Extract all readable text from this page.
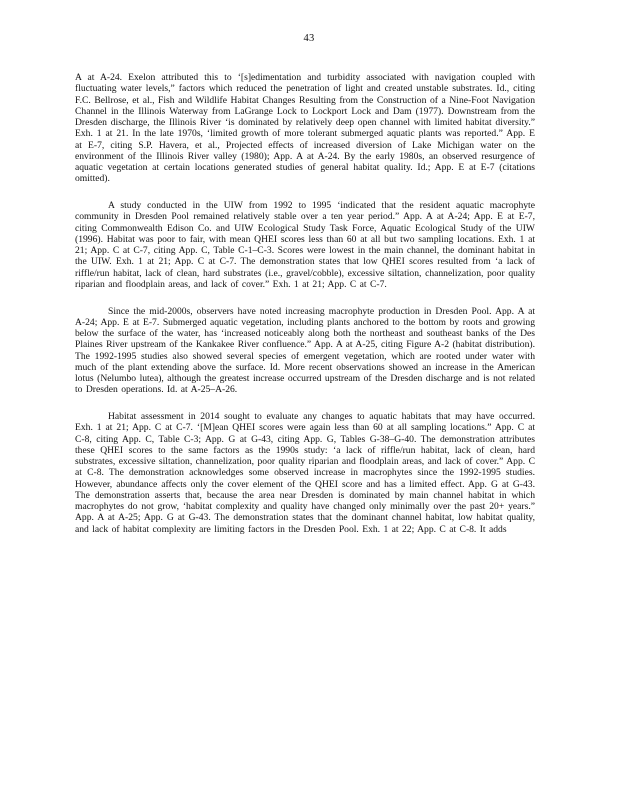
43

A at A-24. Exelon attributed this to ‘[s]edimentation and turbidity associated with navigation coupled with fluctuating water levels,” factors which reduced the penetration of light and created unstable substrates. Id., citing F.C. Bellrose, et al., Fish and Wildlife Habitat Changes Resulting from the Construction of a Nine-Foot Navigation Channel in the Illinois Waterway from LaGrange Lock to Lockport Lock and Dam (1977). Downstream from the Dresden discharge, the Illinois River ‘is dominated by relatively deep open channel with limited habitat diversity.” Exh. 1 at 21. In the late 1970s, ‘limited growth of more tolerant submerged aquatic plants was reported.” App. E at E-7, citing S.P. Havera, et al., Projected effects of increased diversion of Lake Michigan water on the environment of the Illinois River valley (1980); App. A at A-24. By the early 1980s, an observed resurgence of aquatic vegetation at certain locations generated studies of general habitat quality. Id.; App. E at E-7 (citations omitted).

A study conducted in the UIW from 1992 to 1995 ‘indicated that the resident aquatic macrophyte community in Dresden Pool remained relatively stable over a ten year period.” App. A at A-24; App. E at E-7, citing Commonwealth Edison Co. and UIW Ecological Study Task Force, Aquatic Ecological Study of the UIW (1996). Habitat was poor to fair, with mean QHEI scores less than 60 at all but two sampling locations. Exh. 1 at 21; App. C at C-7, citing App. C, Table C-1–C-3. Scores were lowest in the main channel, the dominant habitat in the UIW. Exh. 1 at 21; App. C at C-7. The demonstration states that low QHEI scores resulted from ‘a lack of riffle/run habitat, lack of clean, hard substrates (i.e., gravel/cobble), excessive siltation, channelization, poor quality riparian and floodplain areas, and lack of cover.” Exh. 1 at 21; App. C at C-7.

Since the mid-2000s, observers have noted increasing macrophyte production in Dresden Pool. App. A at A-24; App. E at E-7. Submerged aquatic vegetation, including plants anchored to the bottom by roots and growing below the surface of the water, has ‘increased noticeably along both the northeast and southeast banks of the Des Plaines River upstream of the Kankakee River confluence.” App. A at A-25, citing Figure A-2 (habitat distribution). The 1992-1995 studies also showed several species of emergent vegetation, which are rooted under water with much of the plant extending above the surface. Id. More recent observations showed an increase in the American lotus (Nelumbo lutea), although the greatest increase occurred upstream of the Dresden discharge and is not related to Dresden operations. Id. at A-25–A-26.

Habitat assessment in 2014 sought to evaluate any changes to aquatic habitats that may have occurred. Exh. 1 at 21; App. C at C-7. ‘[M]ean QHEI scores were again less than 60 at all sampling locations.” App. C at C-8, citing App. C, Table C-3; App. G at G-43, citing App. G, Tables G-38–G-40. The demonstration attributes these QHEI scores to the same factors as the 1990s study: ‘a lack of riffle/run habitat, lack of clean, hard substrates, excessive siltation, channelization, poor quality riparian and floodplain areas, and lack of cover.” App. C at C-8. The demonstration acknowledges some observed increase in macrophytes since the 1992-1995 studies. However, abundance affects only the cover element of the QHEI score and has a limited effect. App. G at G-43. The demonstration asserts that, because the area near Dresden is dominated by main channel habitat in which macrophytes do not grow, ‘habitat complexity and quality have changed only minimally over the past 20+ years.” App. A at A-25; App. G at G-43. The demonstration states that the dominant channel habitat, low habitat quality, and lack of habitat complexity are limiting factors in the Dresden Pool. Exh. 1 at 22; App. C at C-8. It adds
